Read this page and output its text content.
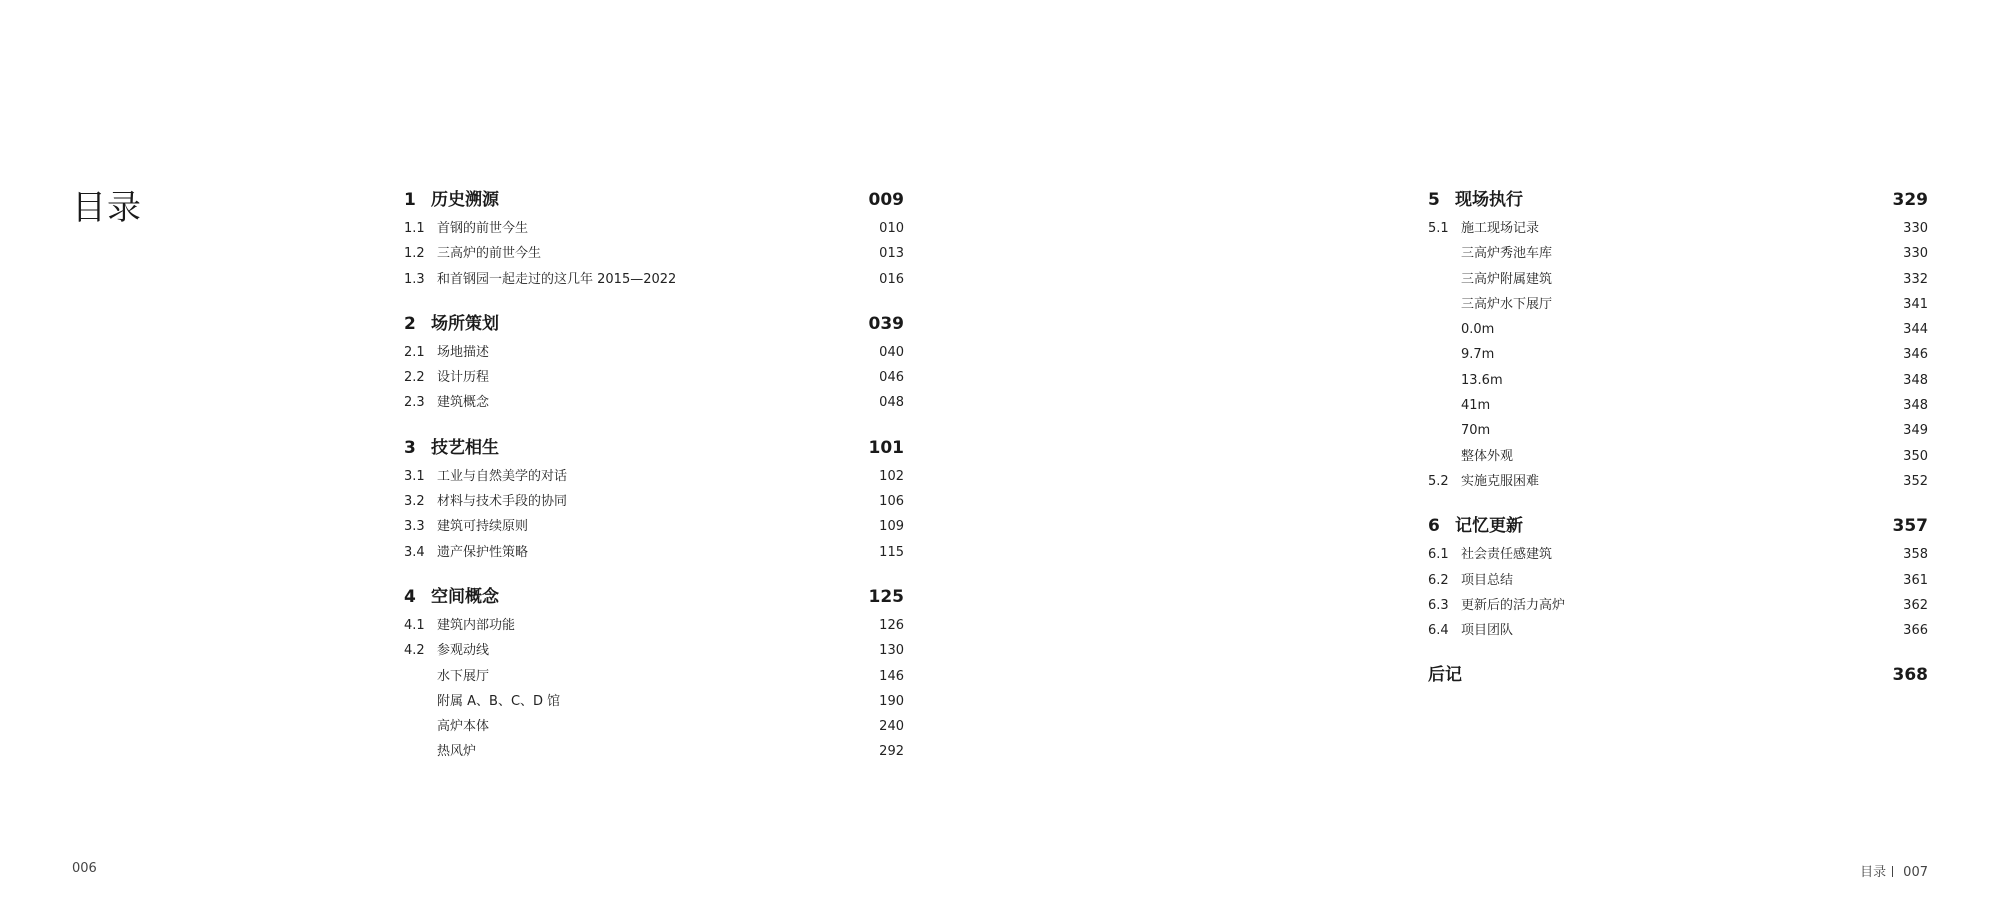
目录	1 历史溯源	009
1.1 首钢的前世今生	010
1.2 三高炉的前世今生	013
1.3 和首钢园一起走过的这几年 2015—2022	016
2 场所策划	039
2.1 场地描述	040
2.2 设计历程	046
2.3 建筑概念	048
3 技艺相生	101
3.1 工业与自然美学的对话	102
3.2 材料与技术手段的协同	106
3.3 建筑可持续原则	109
3.4 遗产保护性策略	115
4 空间概念	125
4.1 建筑内部功能	126
4.2 参观动线	130
水下展厅	146
附属 A、B、C、D 馆	190
高炉本体	240
热风炉	292
5 现场执行	329
5.1 施工现场记录	330
三高炉秀池车库	330
三高炉附属建筑	332
三高炉水下展厅	341
0.0m	344
9.7m	346
13.6m	348
41m	348
70m	349
整体外观	350
5.2 实施克服困难	352
6 记忆更新	357
6.1 社会责任感建筑	358
6.2 项目总结	361
6.3 更新后的活力高炉	362
6.4 项目团队	366
后记	368
006	目录 007
